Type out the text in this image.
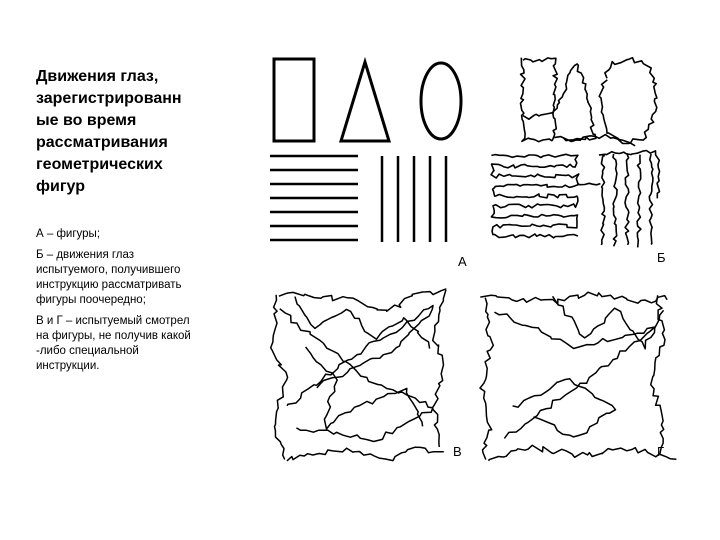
Движения глаз,
зарегистрированн
ые во время
рассматривания
геометрических
фигур
А – фигуры;
Б – движения глаз
испытуемого, получившего
инструкцию рассматривать
фигуры поочередно;
В и Г – испытуемый смотрел
на фигуры, не получив какой
-либо специальной
инструкции.
А	Б
В	Г
